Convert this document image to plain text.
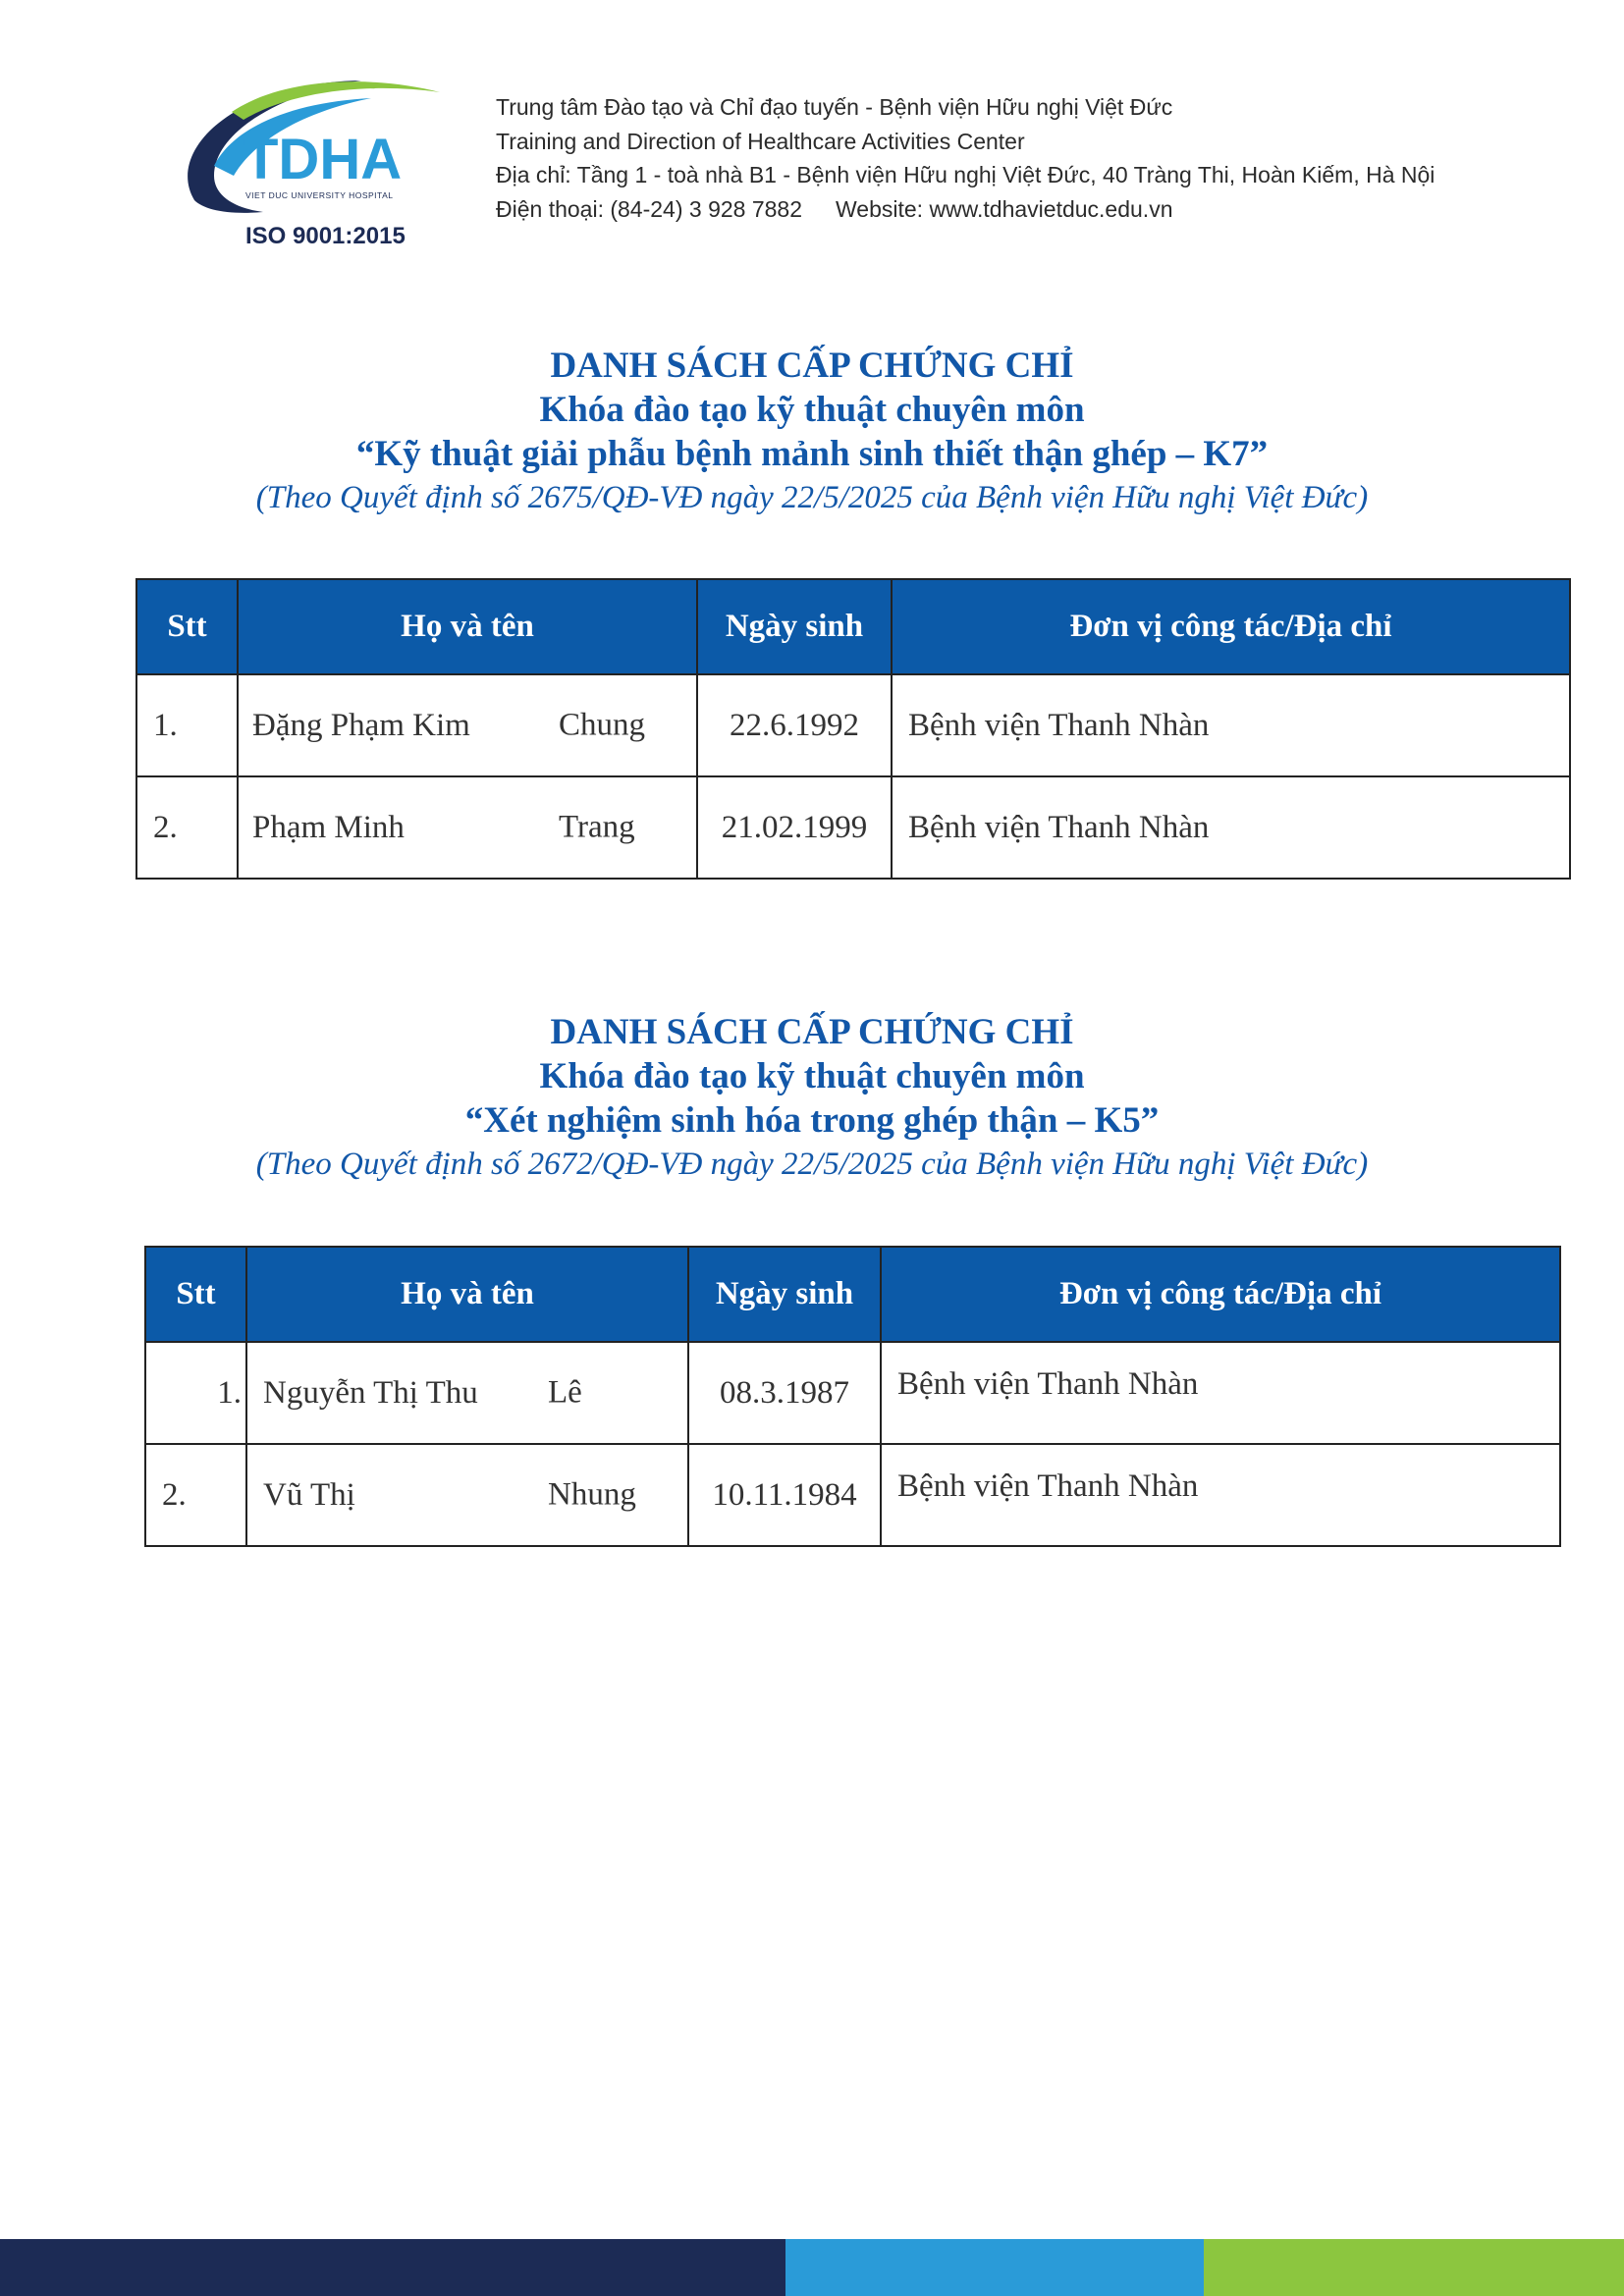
TDHA
VIET DUC UNIVERSITY HOSPITAL
ISO 9001:2015
Trung tâm Đào tạo và Chỉ đạo tuyến - Bệnh viện Hữu nghị Việt Đức
Training and Direction of Healthcare Activities Center
Địa chỉ: Tầng 1 - toà nhà B1 - Bệnh viện Hữu nghị Việt Đức, 40 Tràng Thi, Hoàn Kiếm, Hà Nội
Điện thoại: (84-24) 3 928 7882 Website: www.tdhavietduc.edu.vn
DANH SÁCH CẤP CHỨNG CHỈ
Khóa đào tạo kỹ thuật chuyên môn
“Kỹ thuật giải phẫu bệnh mảnh sinh thiết thận ghép – K7”
(Theo Quyết định số 2675/QĐ-VĐ ngày 22/5/2025 của Bệnh viện Hữu nghị Việt Đức)
Stt	Họ và tên	Ngày sinh	Đơn vị công tác/Địa chỉ
1.	Đặng Phạm Kim Chung	22.6.1992	Bệnh viện Thanh Nhàn
2.	Phạm Minh Trang	21.02.1999	Bệnh viện Thanh Nhàn
DANH SÁCH CẤP CHỨNG CHỈ
Khóa đào tạo kỹ thuật chuyên môn
“Xét nghiệm sinh hóa trong ghép thận – K5”
(Theo Quyết định số 2672/QĐ-VĐ ngày 22/5/2025 của Bệnh viện Hữu nghị Việt Đức)
Stt	Họ và tên	Ngày sinh	Đơn vị công tác/Địa chỉ
1.	Nguyễn Thị Thu Lê	08.3.1987	Bệnh viện Thanh Nhàn
2.	Vũ Thị Nhung	10.11.1984	Bệnh viện Thanh Nhàn
